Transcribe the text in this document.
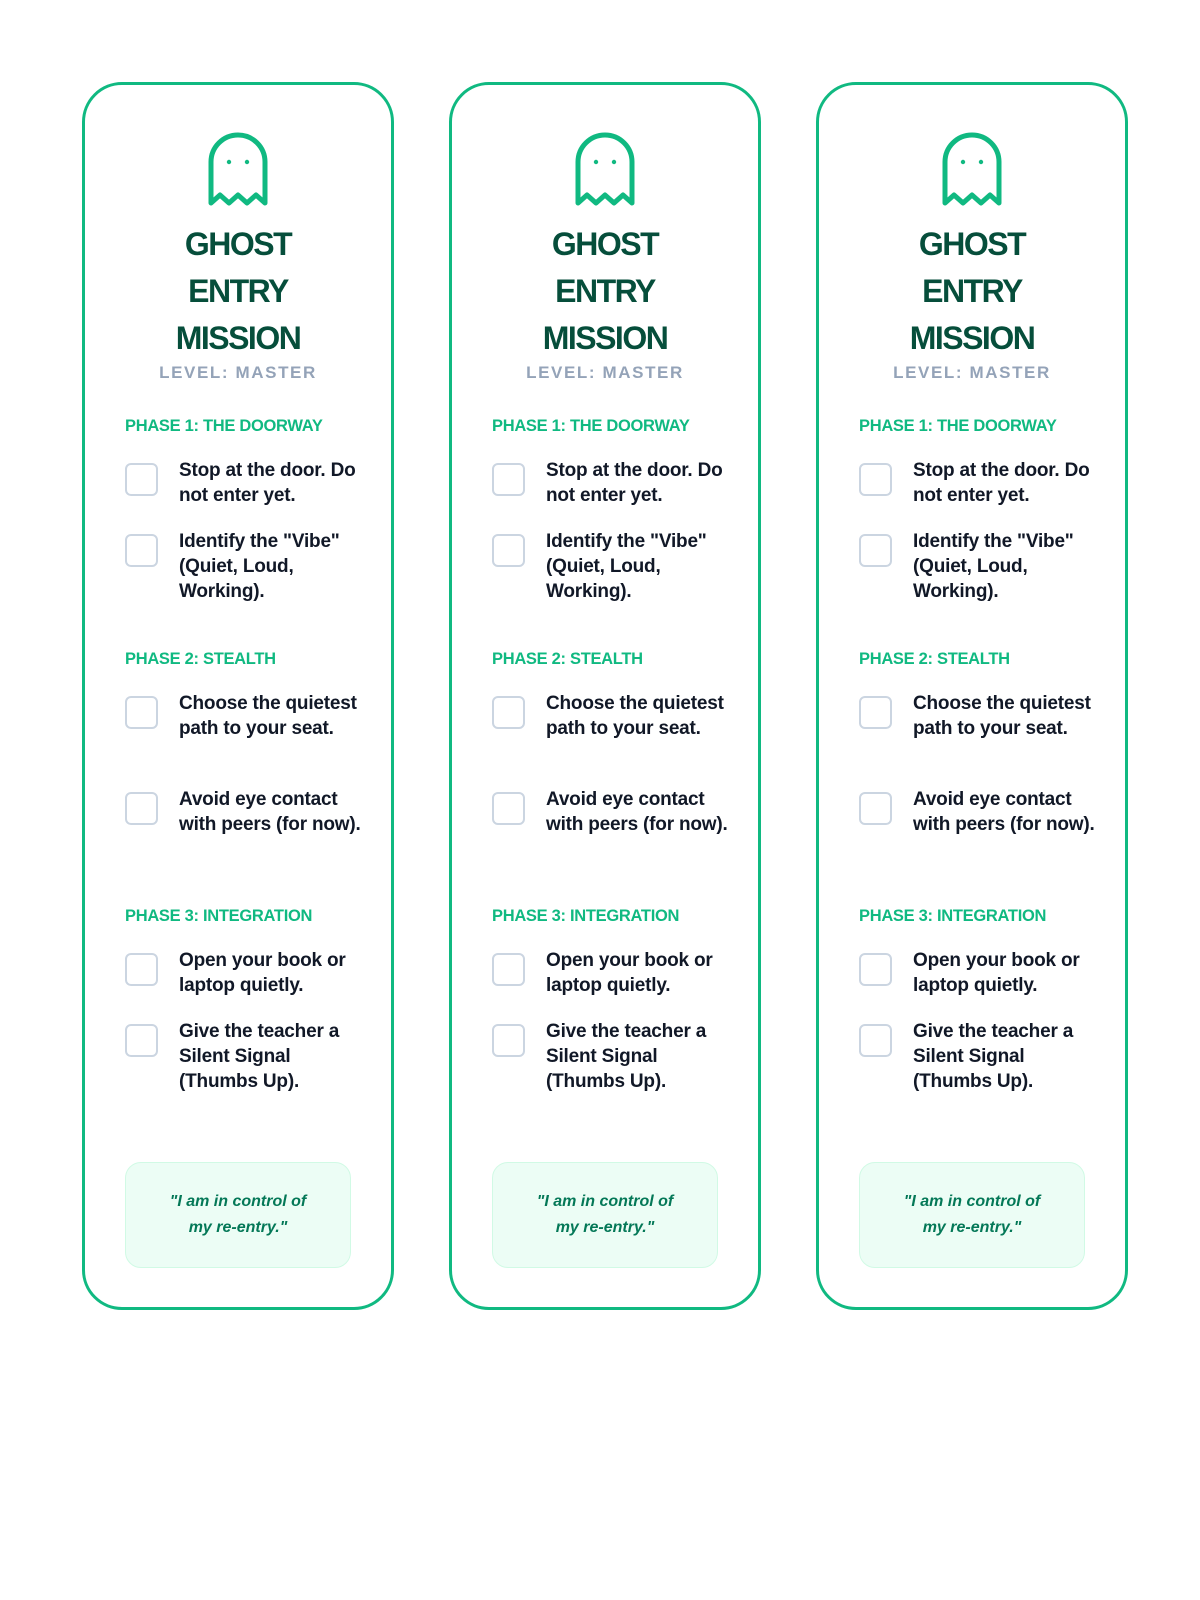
GHOST
ENTRY
MISSION
LEVEL: MASTER
PHASE 1: THE DOORWAY
Stop at the door. Do not enter yet.
Identify the "Vibe" (Quiet, Loud, Working).
PHASE 2: STEALTH
Choose the quietest path to your seat.
Avoid eye contact with peers (for now).
PHASE 3: INTEGRATION
Open your book or laptop quietly.
Give the teacher a Silent Signal (Thumbs Up).
"I am in control of my re-entry."
GHOST
ENTRY
MISSION
LEVEL: MASTER
PHASE 1: THE DOORWAY
Stop at the door. Do not enter yet.
Identify the "Vibe" (Quiet, Loud, Working).
PHASE 2: STEALTH
Choose the quietest path to your seat.
Avoid eye contact with peers (for now).
PHASE 3: INTEGRATION
Open your book or laptop quietly.
Give the teacher a Silent Signal (Thumbs Up).
"I am in control of my re-entry."
GHOST
ENTRY
MISSION
LEVEL: MASTER
PHASE 1: THE DOORWAY
Stop at the door. Do not enter yet.
Identify the "Vibe" (Quiet, Loud, Working).
PHASE 2: STEALTH
Choose the quietest path to your seat.
Avoid eye contact with peers (for now).
PHASE 3: INTEGRATION
Open your book or laptop quietly.
Give the teacher a Silent Signal (Thumbs Up).
"I am in control of my re-entry."
